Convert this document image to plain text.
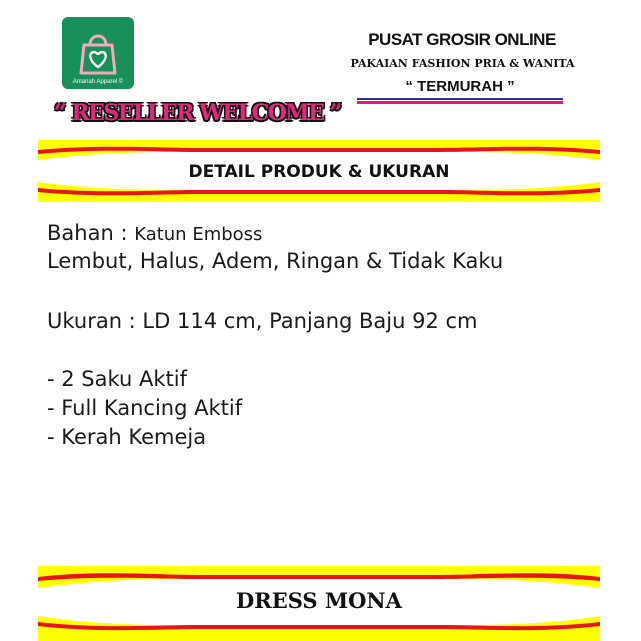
Amanah Apparel ©
“ RESELLER WELCOME ”
PUSAT GROSIR ONLINE
PAKAIAN FASHION PRIA & WANITA
“ TERMURAH ”
DETAIL PRODUK & UKURAN
Bahan : Katun Emboss
Lembut, Halus, Adem, Ringan & Tidak Kaku
Ukuran : LD 114 cm, Panjang Baju 92 cm
- 2 Saku Aktif
- Full Kancing Aktif
- Kerah Kemeja
DRESS MONA
